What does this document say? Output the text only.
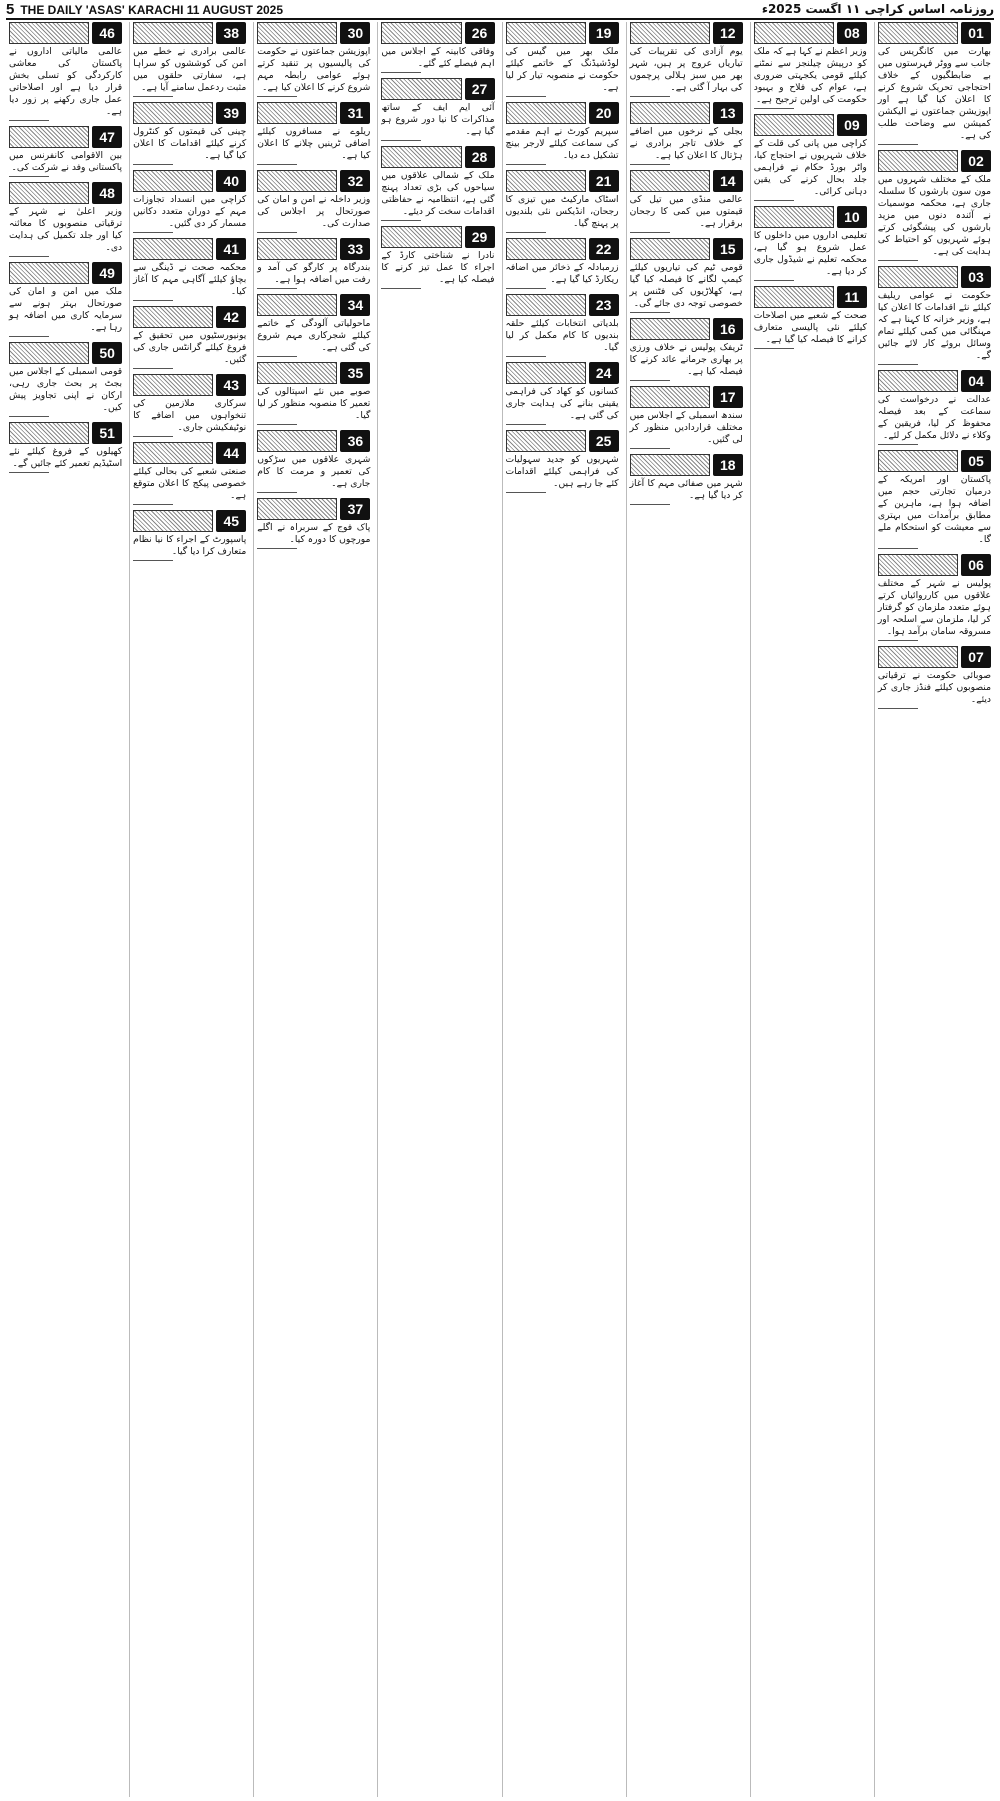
5 THE DAILY 'ASAS' KARACHI 11 AUGUST 2025	روزنامہ اساس کراچی ۱۱ اگست 2025ء
01

بھارت میں کانگریس کی جانب سے ووٹر فہرستوں میں بے ضابطگیوں کے خلاف احتجاجی تحریک شروع کرنے کا اعلان کیا گیا ہے اور اپوزیشن جماعتوں نے الیکشن کمیشن سے وضاحت طلب کی ہے۔

02

ملک کے مختلف شہروں میں مون سون بارشوں کا سلسلہ جاری ہے، محکمہ موسمیات نے آئندہ دنوں میں مزید بارشوں کی پیشگوئی کرتے ہوئے شہریوں کو احتیاط کی ہدایت کی ہے۔

03

حکومت نے عوامی ریلیف کیلئے نئے اقدامات کا اعلان کیا ہے، وزیر خزانہ کا کہنا ہے کہ مہنگائی میں کمی کیلئے تمام وسائل بروئے کار لائے جائیں گے۔

04

عدالت نے درخواست کی سماعت کے بعد فیصلہ محفوظ کر لیا، فریقین کے وکلاء نے دلائل مکمل کر لئے۔

05

پاکستان اور امریکہ کے درمیان تجارتی حجم میں اضافہ ہوا ہے، ماہرین کے مطابق برآمدات میں بہتری سے معیشت کو استحکام ملے گا۔

06

پولیس نے شہر کے مختلف علاقوں میں کارروائیاں کرتے ہوئے متعدد ملزمان کو گرفتار کر لیا، ملزمان سے اسلحہ اور مسروقہ سامان برآمد ہوا۔

07

صوبائی حکومت نے ترقیاتی منصوبوں کیلئے فنڈز جاری کر دیئے۔

08

وزیر اعظم نے کہا ہے کہ ملک کو درپیش چیلنجز سے نمٹنے کیلئے قومی یکجہتی ضروری ہے، عوام کی فلاح و بہبود حکومت کی اولین ترجیح ہے۔

09

کراچی میں پانی کی قلت کے خلاف شہریوں نے احتجاج کیا، واٹر بورڈ حکام نے فراہمی جلد بحال کرنے کی یقین دہانی کرائی۔

10

تعلیمی اداروں میں داخلوں کا عمل شروع ہو گیا ہے، محکمہ تعلیم نے شیڈول جاری کر دیا ہے۔

11

صحت کے شعبے میں اصلاحات کیلئے نئی پالیسی متعارف کرانے کا فیصلہ کیا گیا ہے۔

12

یوم آزادی کی تقریبات کی تیاریاں عروج پر ہیں، شہر بھر میں سبز ہلالی پرچموں کی بہار آ گئی ہے۔

13

بجلی کے نرخوں میں اضافے کے خلاف تاجر برادری نے ہڑتال کا اعلان کیا ہے۔

14

عالمی منڈی میں تیل کی قیمتوں میں کمی کا رجحان برقرار ہے۔

15

قومی ٹیم کی تیاریوں کیلئے کیمپ لگانے کا فیصلہ کیا گیا ہے، کھلاڑیوں کی فٹنس پر خصوصی توجہ دی جائے گی۔

16

ٹریفک پولیس نے خلاف ورزی پر بھاری جرمانے عائد کرنے کا فیصلہ کیا ہے۔

17

سندھ اسمبلی کے اجلاس میں مختلف قراردادیں منظور کر لی گئیں۔

18

شہر میں صفائی مہم کا آغاز کر دیا گیا ہے۔

19

ملک بھر میں گیس کی لوڈشیڈنگ کے خاتمے کیلئے حکومت نے منصوبہ تیار کر لیا ہے۔

20

سپریم کورٹ نے اہم مقدمے کی سماعت کیلئے لارجر بینچ تشکیل دے دیا۔

21

اسٹاک مارکیٹ میں تیزی کا رجحان، انڈیکس نئی بلندیوں پر پہنچ گیا۔

22

زرمبادلہ کے ذخائر میں اضافہ ریکارڈ کیا گیا ہے۔

23

بلدیاتی انتخابات کیلئے حلقہ بندیوں کا کام مکمل کر لیا گیا۔

24

کسانوں کو کھاد کی فراہمی یقینی بنانے کی ہدایت جاری کی گئی ہے۔

25

شہریوں کو جدید سہولیات کی فراہمی کیلئے اقدامات کئے جا رہے ہیں۔

26

وفاقی کابینہ کے اجلاس میں اہم فیصلے کئے گئے۔

27

آئی ایم ایف کے ساتھ مذاکرات کا نیا دور شروع ہو گیا ہے۔

28

ملک کے شمالی علاقوں میں سیاحوں کی بڑی تعداد پہنچ گئی ہے، انتظامیہ نے حفاظتی اقدامات سخت کر دیئے۔

29

نادرا نے شناختی کارڈ کے اجراء کا عمل تیز کرنے کا فیصلہ کیا ہے۔

30

اپوزیشن جماعتوں نے حکومت کی پالیسیوں پر تنقید کرتے ہوئے عوامی رابطہ مہم شروع کرنے کا اعلان کیا ہے۔

31

ریلوے نے مسافروں کیلئے اضافی ٹرینیں چلانے کا اعلان کیا ہے۔

32

وزیر داخلہ نے امن و امان کی صورتحال پر اجلاس کی صدارت کی۔

33

بندرگاہ پر کارگو کی آمد و رفت میں اضافہ ہوا ہے۔

34

ماحولیاتی آلودگی کے خاتمے کیلئے شجرکاری مہم شروع کی گئی ہے۔

35

صوبے میں نئے اسپتالوں کی تعمیر کا منصوبہ منظور کر لیا گیا۔

36

شہری علاقوں میں سڑکوں کی تعمیر و مرمت کا کام جاری ہے۔

37

پاک فوج کے سربراہ نے اگلے مورچوں کا دورہ کیا۔

38

عالمی برادری نے خطے میں امن کی کوششوں کو سراہا ہے، سفارتی حلقوں میں مثبت ردعمل سامنے آیا ہے۔

39

چینی کی قیمتوں کو کنٹرول کرنے کیلئے اقدامات کا اعلان کیا گیا ہے۔

40

کراچی میں انسداد تجاوزات مہم کے دوران متعدد دکانیں مسمار کر دی گئیں۔

41

محکمہ صحت نے ڈینگی سے بچاؤ کیلئے آگاہی مہم کا آغاز کیا۔

42

یونیورسٹیوں میں تحقیق کے فروغ کیلئے گرانٹس جاری کی گئیں۔

43

سرکاری ملازمین کی تنخواہوں میں اضافے کا نوٹیفکیشن جاری۔

44

صنعتی شعبے کی بحالی کیلئے خصوصی پیکج کا اعلان متوقع ہے۔

45

پاسپورٹ کے اجراء کا نیا نظام متعارف کرا دیا گیا۔

46

عالمی مالیاتی اداروں نے پاکستان کی معاشی کارکردگی کو تسلی بخش قرار دیا ہے اور اصلاحاتی عمل جاری رکھنے پر زور دیا ہے۔

47

بین الاقوامی کانفرنس میں پاکستانی وفد نے شرکت کی۔

48

وزیر اعلیٰ نے شہر کے ترقیاتی منصوبوں کا معائنہ کیا اور جلد تکمیل کی ہدایت دی۔

49

ملک میں امن و امان کی صورتحال بہتر ہونے سے سرمایہ کاری میں اضافہ ہو رہا ہے۔

50

قومی اسمبلی کے اجلاس میں بجٹ پر بحث جاری رہی، ارکان نے اپنی تجاویز پیش کیں۔

51

کھیلوں کے فروغ کیلئے نئے اسٹیڈیم تعمیر کئے جائیں گے۔
